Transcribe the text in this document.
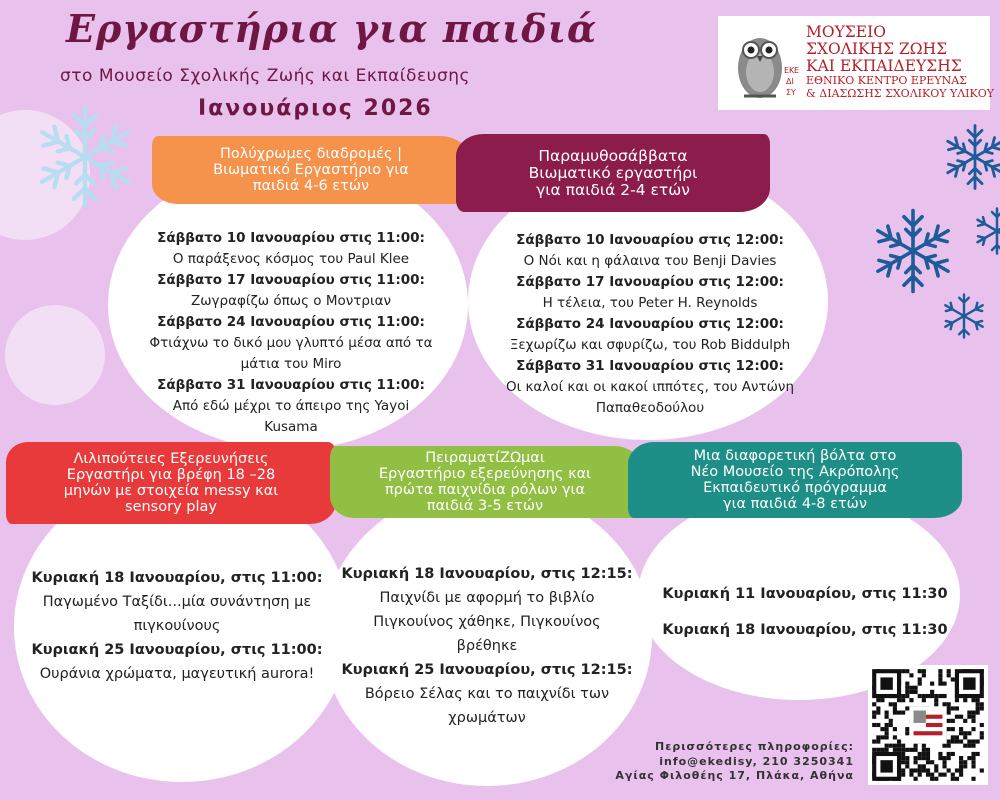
Εργαστήρια για παιδιά
στο Μουσείο Σχολικής Ζωής και Εκπαίδευσης
Ιανουάριος 2026
ΕΚ Ε
ΔΙ
ΣΥ
ΜΟΥΣΕΙΟ
ΣΧΟΛΙΚΗΣ ΖΩΗΣ
ΚΑΙ ΕΚΠΑΙΔΕΥΣΗΣ
ΕΘΝΙΚΟ ΚΕΝΤΡΟ ΕΡΕΥΝΑΣ
& ΔΙΑΣΩΣΗΣ ΣΧΟΛΙΚΟΥ ΥΛΙΚΟΥ
Πολύχρωμες διαδρομές |
Βιωματικό Εργαστήριο για
παιδιά 4-6 ετών
Παραμυθοσάββατα
Βιωματικό εργαστήρι
για παιδιά 2-4 ετών
Σάββατο 10 Ιανουαρίου στις 11:00:
Ο παράξενος κόσμος του Paul Klee
Σάββατο 17 Ιανουαρίου στις 11:00:
Ζωγραφίζω όπως ο Μοντριαν
Σάββατο 24 Ιανουαρίου στις 11:00:
Φτιάχνω το δικό μου γλυπτό μέσα από τα
μάτια του Miro
Σάββατο 31 Ιανουαρίου στις 11:00:
Από εδώ μέχρι το άπειρο της Yayoi
Kusama
Σάββατο 10 Ιανουαρίου στις 12:00:
Ο Νόι και η φάλαινα του Benji Davies
Σάββατο 17 Ιανουαρίου στις 12:00:
Η τέλεια, του Peter H. Reynolds
Σάββατο 24 Ιανουαρίου στις 12:00:
Ξεχωρίζω και σφυρίζω, του Rob Biddulph
Σάββατο 31 Ιανουαρίου στις 12:00:
Οι καλοί και οι κακοί ιππότες, του Αντώνη
Παπαθεοδούλου
Λιλιπούτειες Εξερευνήσεις
Εργαστήρι για βρέφη 18 –28
μηνών με στοιχεία messy και
sensory play
ΠειραματίΖΩμαι
Εργαστήριο εξερεύνησης και
πρώτα παιχνίδια ρόλων για
παιδιά 3-5 ετών
Μια διαφορετική βόλτα στο
Νέο Μουσείο της Ακρόπολης
Εκπαιδευτικό πρόγραμμα
για παιδιά 4-8 ετών
Κυριακή 18 Ιανουαρίου, στις 11:00:
Παγωμένο Ταξίδι...μία συνάντηση με
πιγκουίνους
Κυριακή 25 Ιανουαρίου, στις 11:00:
Ουράνια χρώματα, μαγευτική aurora!
Κυριακή 18 Ιανουαρίου, στις 12:15:
Παιχνίδι με αφορμή το βιβλίο
Πιγκουίνος χάθηκε, Πιγκουίνος
βρέθηκε
Κυριακή 25 Ιανουαρίου, στις 12:15:
Βόρειο Σέλας και το παιχνίδι των
χρωμάτων
Κυριακή 11 Ιανουαρίου, στις 11:30
Κυριακή 18 Ιανουαρίου, στις 11:30
Περισσότερες πληροφορίες:
info@ekedisy, 210 3250341
Αγίας Φιλοθέης 17, Πλάκα, Αθήνα
